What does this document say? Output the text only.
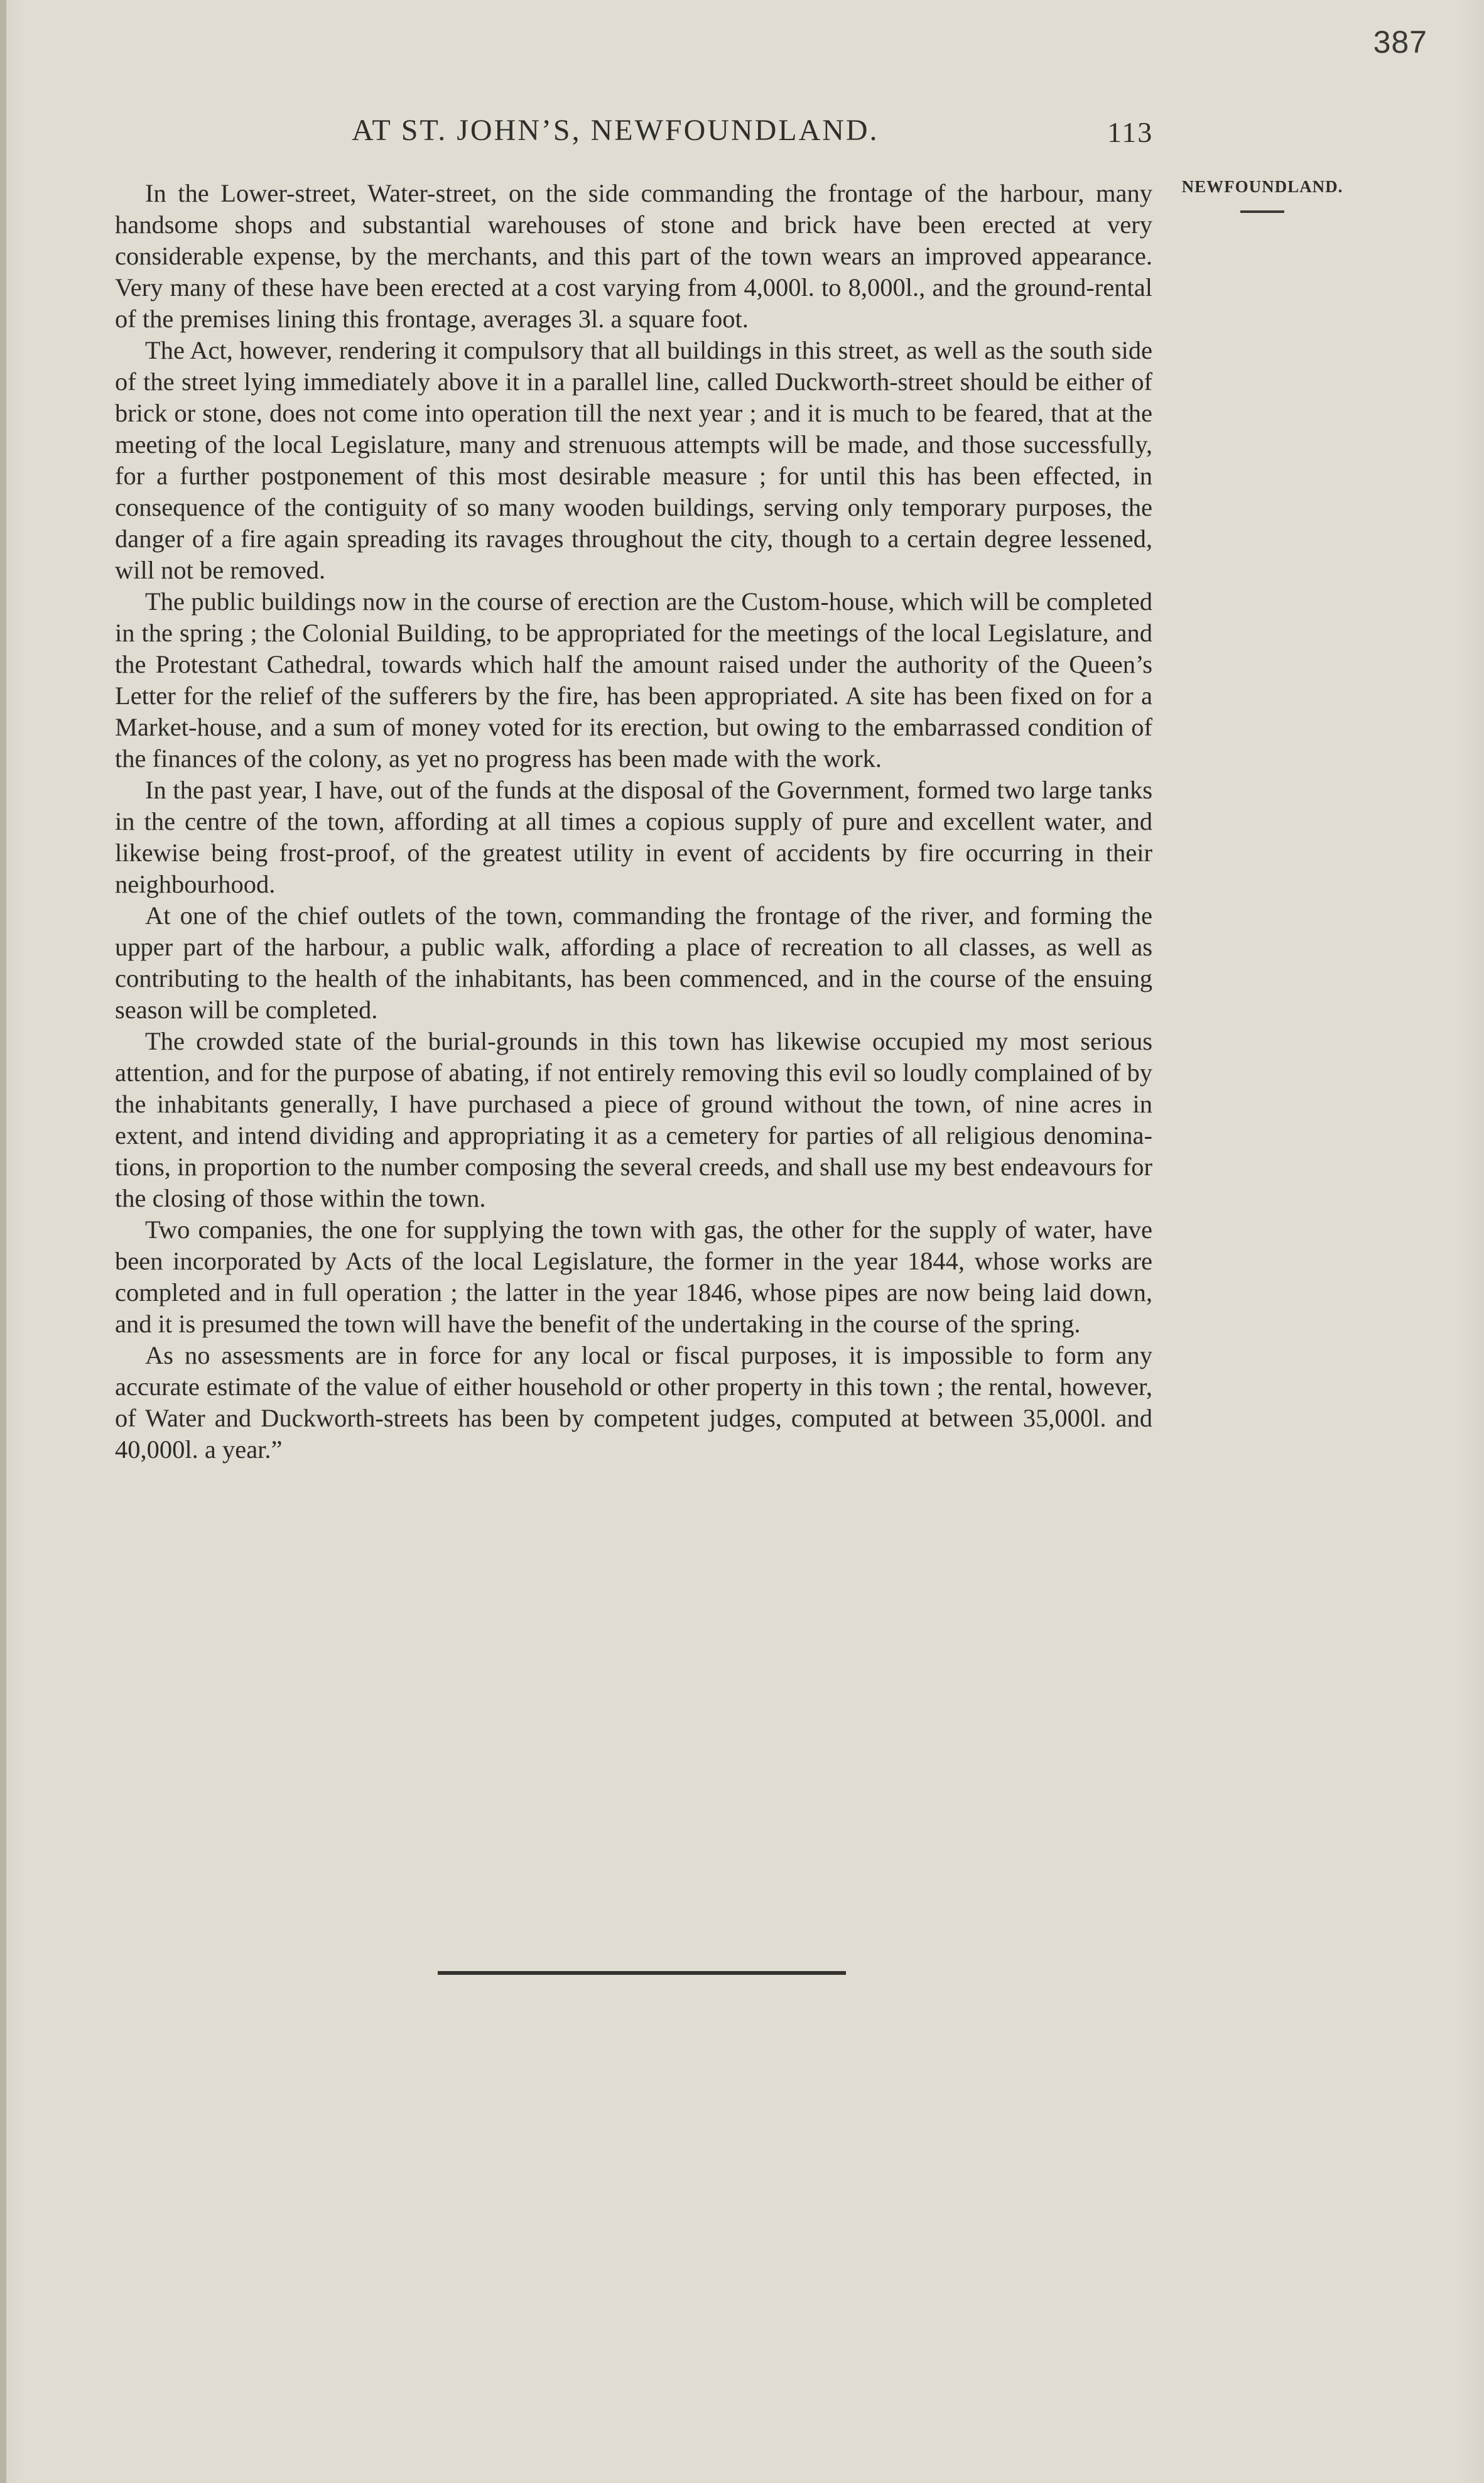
387
AT ST. JOHN’S, NEWFOUNDLAND.	113
NEWFOUNDLAND.

In the Lower-street, Water-street, on the side commanding the frontage of the harbour, many handsome shops and substantial warehouses of stone and brick have been erected at very considerable expense, by the merchants, and this part of the town wears an improved appearance. Very many of these have been erected at a cost varying from 4,000l. to 8,000l., and the ground-rental of the premises lining this frontage, averages 3l. a square foot.

The Act, however, rendering it compulsory that all buildings in this street, as well as the south side of the street lying immediately above it in a parallel line, called Duckworth-street should be either of brick or stone, does not come into operation till the next year ; and it is much to be feared, that at the meeting of the local Legislature, many and strenuous attempts will be made, and those successfully, for a further postponement of this most desirable measure ; for until this has been effected, in consequence of the contiguity of so many wooden buildings, serving only temporary purposes, the danger of a fire again spreading its ravages throughout the city, though to a certain degree lessened, will not be removed.

The public buildings now in the course of erection are the Custom-house, which will be completed in the spring ; the Colonial Building, to be appropriated for the meetings of the local Legislature, and the Protestant Cathedral, towards which half the amount raised under the authority of the Queen’s Letter for the relief of the sufferers by the fire, has been appropriated. A site has been fixed on for a Market-house, and a sum of money voted for its erection, but owing to the embarrassed condition of the finances of the colony, as yet no progress has been made with the work.

In the past year, I have, out of the funds at the disposal of the Government, formed two large tanks in the centre of the town, affording at all times a copious supply of pure and excellent water, and likewise being frost-proof, of the greatest utility in event of accidents by fire occurring in their neighbourhood.

At one of the chief outlets of the town, commanding the frontage of the river, and forming the upper part of the harbour, a public walk, affording a place of recreation to all classes, as well as contributing to the health of the inhabitants, has been commenced, and in the course of the ensuing season will be completed.

The crowded state of the burial-grounds in this town has likewise occupied my most serious attention, and for the purpose of abating, if not entirely removing this evil so loudly complained of by the inhabitants generally, I have purchased a piece of ground without the town, of nine acres in extent, and intend dividing and appropriating it as a cemetery for parties of all religious denominations, in proportion to the number composing the several creeds, and shall use my best endeavours for the closing of those within the town.

Two companies, the one for supplying the town with gas, the other for the supply of water, have been incorporated by Acts of the local Legislature, the former in the year 1844, whose works are completed and in full operation ; the latter in the year 1846, whose pipes are now being laid down, and it is presumed the town will have the benefit of the undertaking in the course of the spring.

As no assessments are in force for any local or fiscal purposes, it is impossible to form any accurate estimate of the value of either household or other property in this town ; the rental, however, of Water and Duckworth-streets has been by competent judges, computed at between 35,000l. and 40,000l. a year.”
